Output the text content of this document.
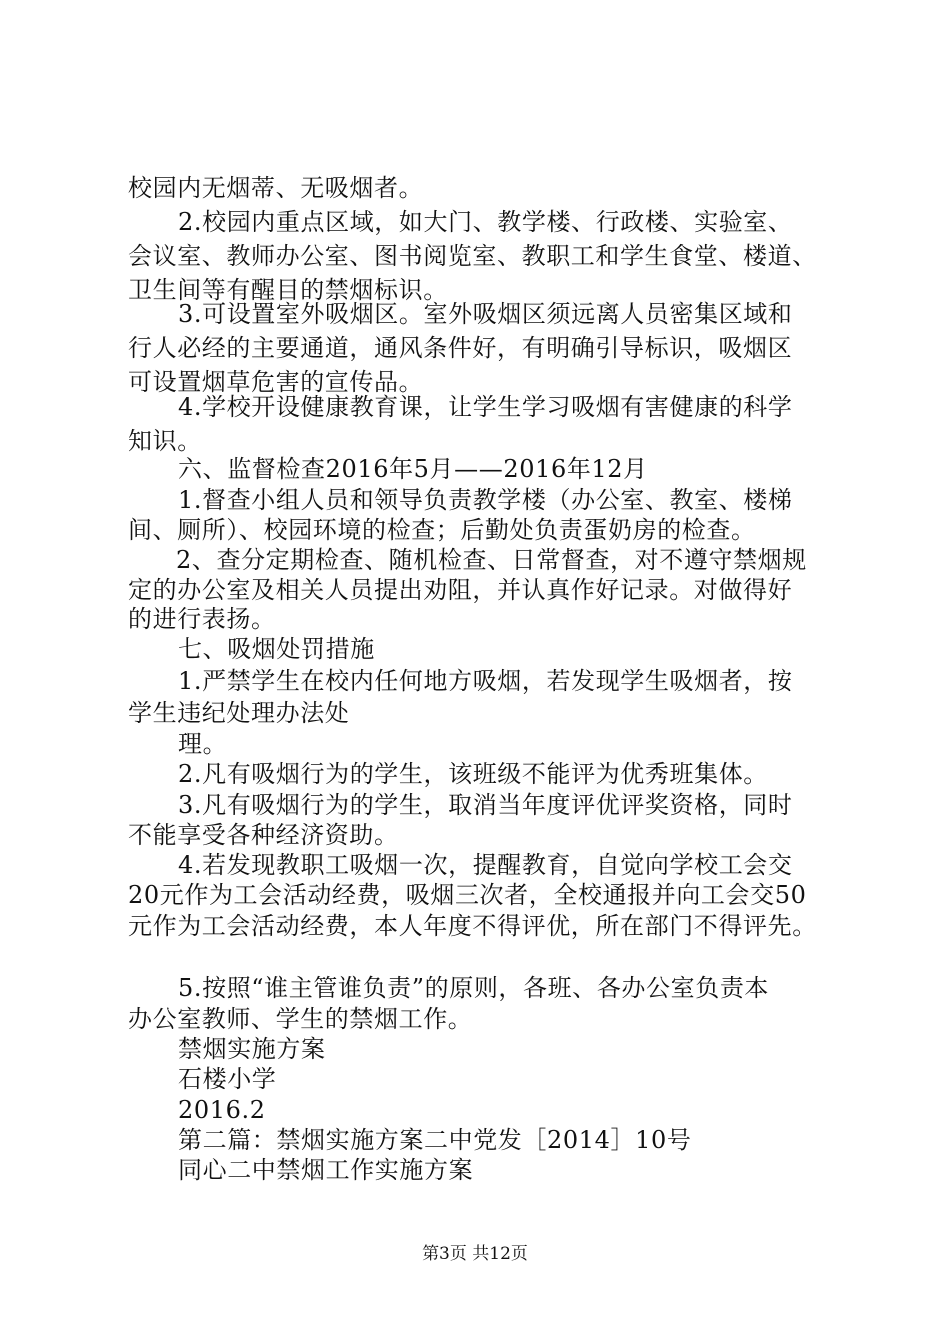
校园内无烟蒂、无吸烟者。
2.校园内重点区域，如大门、教学楼、行政楼、实验室、
会议室、教师办公室、图书阅览室、教职工和学生食堂、楼道、
卫生间等有醒目的禁烟标识。
3.可设置室外吸烟区。室外吸烟区须远离人员密集区域和
行人必经的主要通道，通风条件好，有明确引导标识，吸烟区
可设置烟草危害的宣传品。
4.学校开设健康教育课，让学生学习吸烟有害健康的科学
知识。
六、监督检查2016年5月——2016年12月
1.督查小组人员和领导负责教学楼（办公室、教室、楼梯
间、厕所）、校园环境的检查；后勤处负责蛋奶房的检查。
2、查分定期检查、随机检查、日常督查，对不遵守禁烟规
定的办公室及相关人员提出劝阻，并认真作好记录。对做得好
的进行表扬。
七、吸烟处罚措施
1.严禁学生在校内任何地方吸烟，若发现学生吸烟者，按
学生违纪处理办法处
理。
2.凡有吸烟行为的学生，该班级不能评为优秀班集体。
3.凡有吸烟行为的学生，取消当年度评优评奖资格，同时
不能享受各种经济资助。
4.若发现教职工吸烟一次，提醒教育，自觉向学校工会交
20元作为工会活动经费，吸烟三次者，全校通报并向工会交50
元作为工会活动经费，本人年度不得评优，所在部门不得评先。
5.按照“谁主管谁负责”的原则，各班、各办公室负责本
办公室教师、学生的禁烟工作。
禁烟实施方案
石楼小学
2016.2
第二篇：禁烟实施方案二中党发［2014］10号
同心二中禁烟工作实施方案
第3页 共12页
